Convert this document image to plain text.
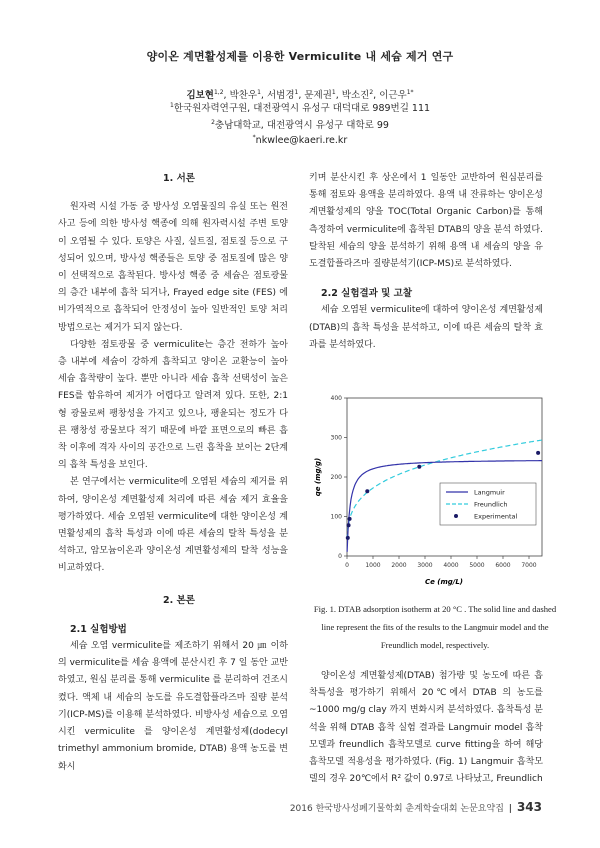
양이온 계면활성제를 이용한 Vermiculite 내 세슘 제거 연구
김보현$^{1,2}$, 박찬우$^1$, 서범경$^1$, 문제권$^1$, 박소진$^2$, 이근우$^{1*}$
$^1$한국원자력연구원, 대전광역시 유성구 대덕대로 989번길 111
$^2$충남대학교, 대전광역시 유성구 대학로 99
*nkwlee@kaeri.re.kr

1. 서론

원자력 시설 가동 중 방사성 오염물질의 유실 또는 원전 사고 등에 의한 방사성 핵종에 의해 원자력시설 주변 토양이 오염될 수 있다. 토양은 사질, 실트질, 점토질 등으로 구성되어 있으며, 방사성 핵종들은 토양 중 점토질에 많은 양이 선택적으로 흡착된다. 방사성 핵종 중 세슘은 점토광물의 층간 내부에 흡착 되거나, Frayed edge site (FES) 에 비가역적으로 흡착되어 안정성이 높아 일반적인 토양 처리 방법으로는 제거가 되지 않는다.

다양한 점토광물 중 vermiculite는 층간 전하가 높아 층 내부에 세슘이 강하게 흡착되고 양이온 교환능이 높아 세슘 흡착량이 높다. 뿐만 아니라 세슘 흡착 선택성이 높은 FES를 함유하여 제거가 어렵다고 알려져 있다. 또한, 2:1형 광물로써 팽창성을 가지고 있으나, 팽윤되는 정도가 다른 팽창성 광물보다 적기 때문에 바깥 표면으로의 빠른 흡착 이후에 격자 사이의 공간으로 느린 흡착을 보이는 2단계의 흡착 특성을 보인다.

본 연구에서는 vermiculite에 오염된 세슘의 제거를 위하여, 양이온성 계면활성제 처리에 따른 세슘 제거 효율을 평가하였다. 세슘 오염된 vermiculite에 대한 양이온성 계면활성제의 흡착 특성과 이에 따른 세슘의 탈착 특성을 분석하고, 암모늄이온과 양이온성 계면활성제의 탈착 성능을 비교하였다.

2. 본론

2.1 실험방법

세슘 오염 vermiculite를 제조하기 위해서 20 ㎛ 이하의 vermiculite를 세슘 용액에 분산시킨 후 7 일 동안 교반하였고, 원심 분리를 통해 vermiculite 를 분리하여 건조시켰다. 액체 내 세슘의 농도를 유도결합플라즈마 질량 분석기(ICP-MS)를 이용해 분석하였다. 비방사성 세슘으로 오염시킨 vermiculite 를 양이온성 계면활성제(dodecyl trimethyl ammonium bromide, DTAB) 용액 농도를 변화시

키며 분산시킨 후 상온에서 1 일동안 교반하여 원심분리를 통해 점토와 용액을 분리하였다. 용액 내 잔류하는 양이온성 계면활성제의 양을 TOC(Total Organic Carbon)를 통해 측정하여 vermiculite에 흡착된 DTAB의 양을 분석 하였다. 탈착된 세슘의 양을 분석하기 위해 용액 내 세슘의 양을 유도결합플라즈마 질량분석기(ICP-MS)로 분석하였다.

2.2 실험결과 및 고찰

세슘 오염된 vermiculite에 대하여 양이온성 계면활성제(DTAB)의 흡착 특성을 분석하고, 이에 따른 세슘의 탈착 효과를 분석하였다.

0	1000 2000 3000 4000 5000 6000 7000
0
100
200
300
400
Langmuir
Freundlich
Experimental
Ce (mg/L)
qe (mg/g)
Fig. 1. DTAB adsorption isotherm at 20 °C . The solid line and dashed line represent the fits of the results to the Langmuir model and the Freundlich model, respectively.

양이온성 계면활성제(DTAB) 첨가량 및 농도에 따른 흡착특성을 평가하기 위해서 20℃에서 DTAB 의 농도를 ~1000 mg/g clay 까지 변화시켜 분석하였다. 흡착특성 분석을 위해 DTAB 흡착 실험 결과를 Langmuir model 흡착모델과 freundlich 흡착모델로 curve fitting을 하여 해당 흡착모델 적용성을 평가하였다. (Fig. 1) Langmuir 흡착모델의 경우 20℃에서 R² 값이 0.97로 나타났고, Freundlich

2016 한국방사성폐기물학회 춘계학술대회 논문요약집 | 343
